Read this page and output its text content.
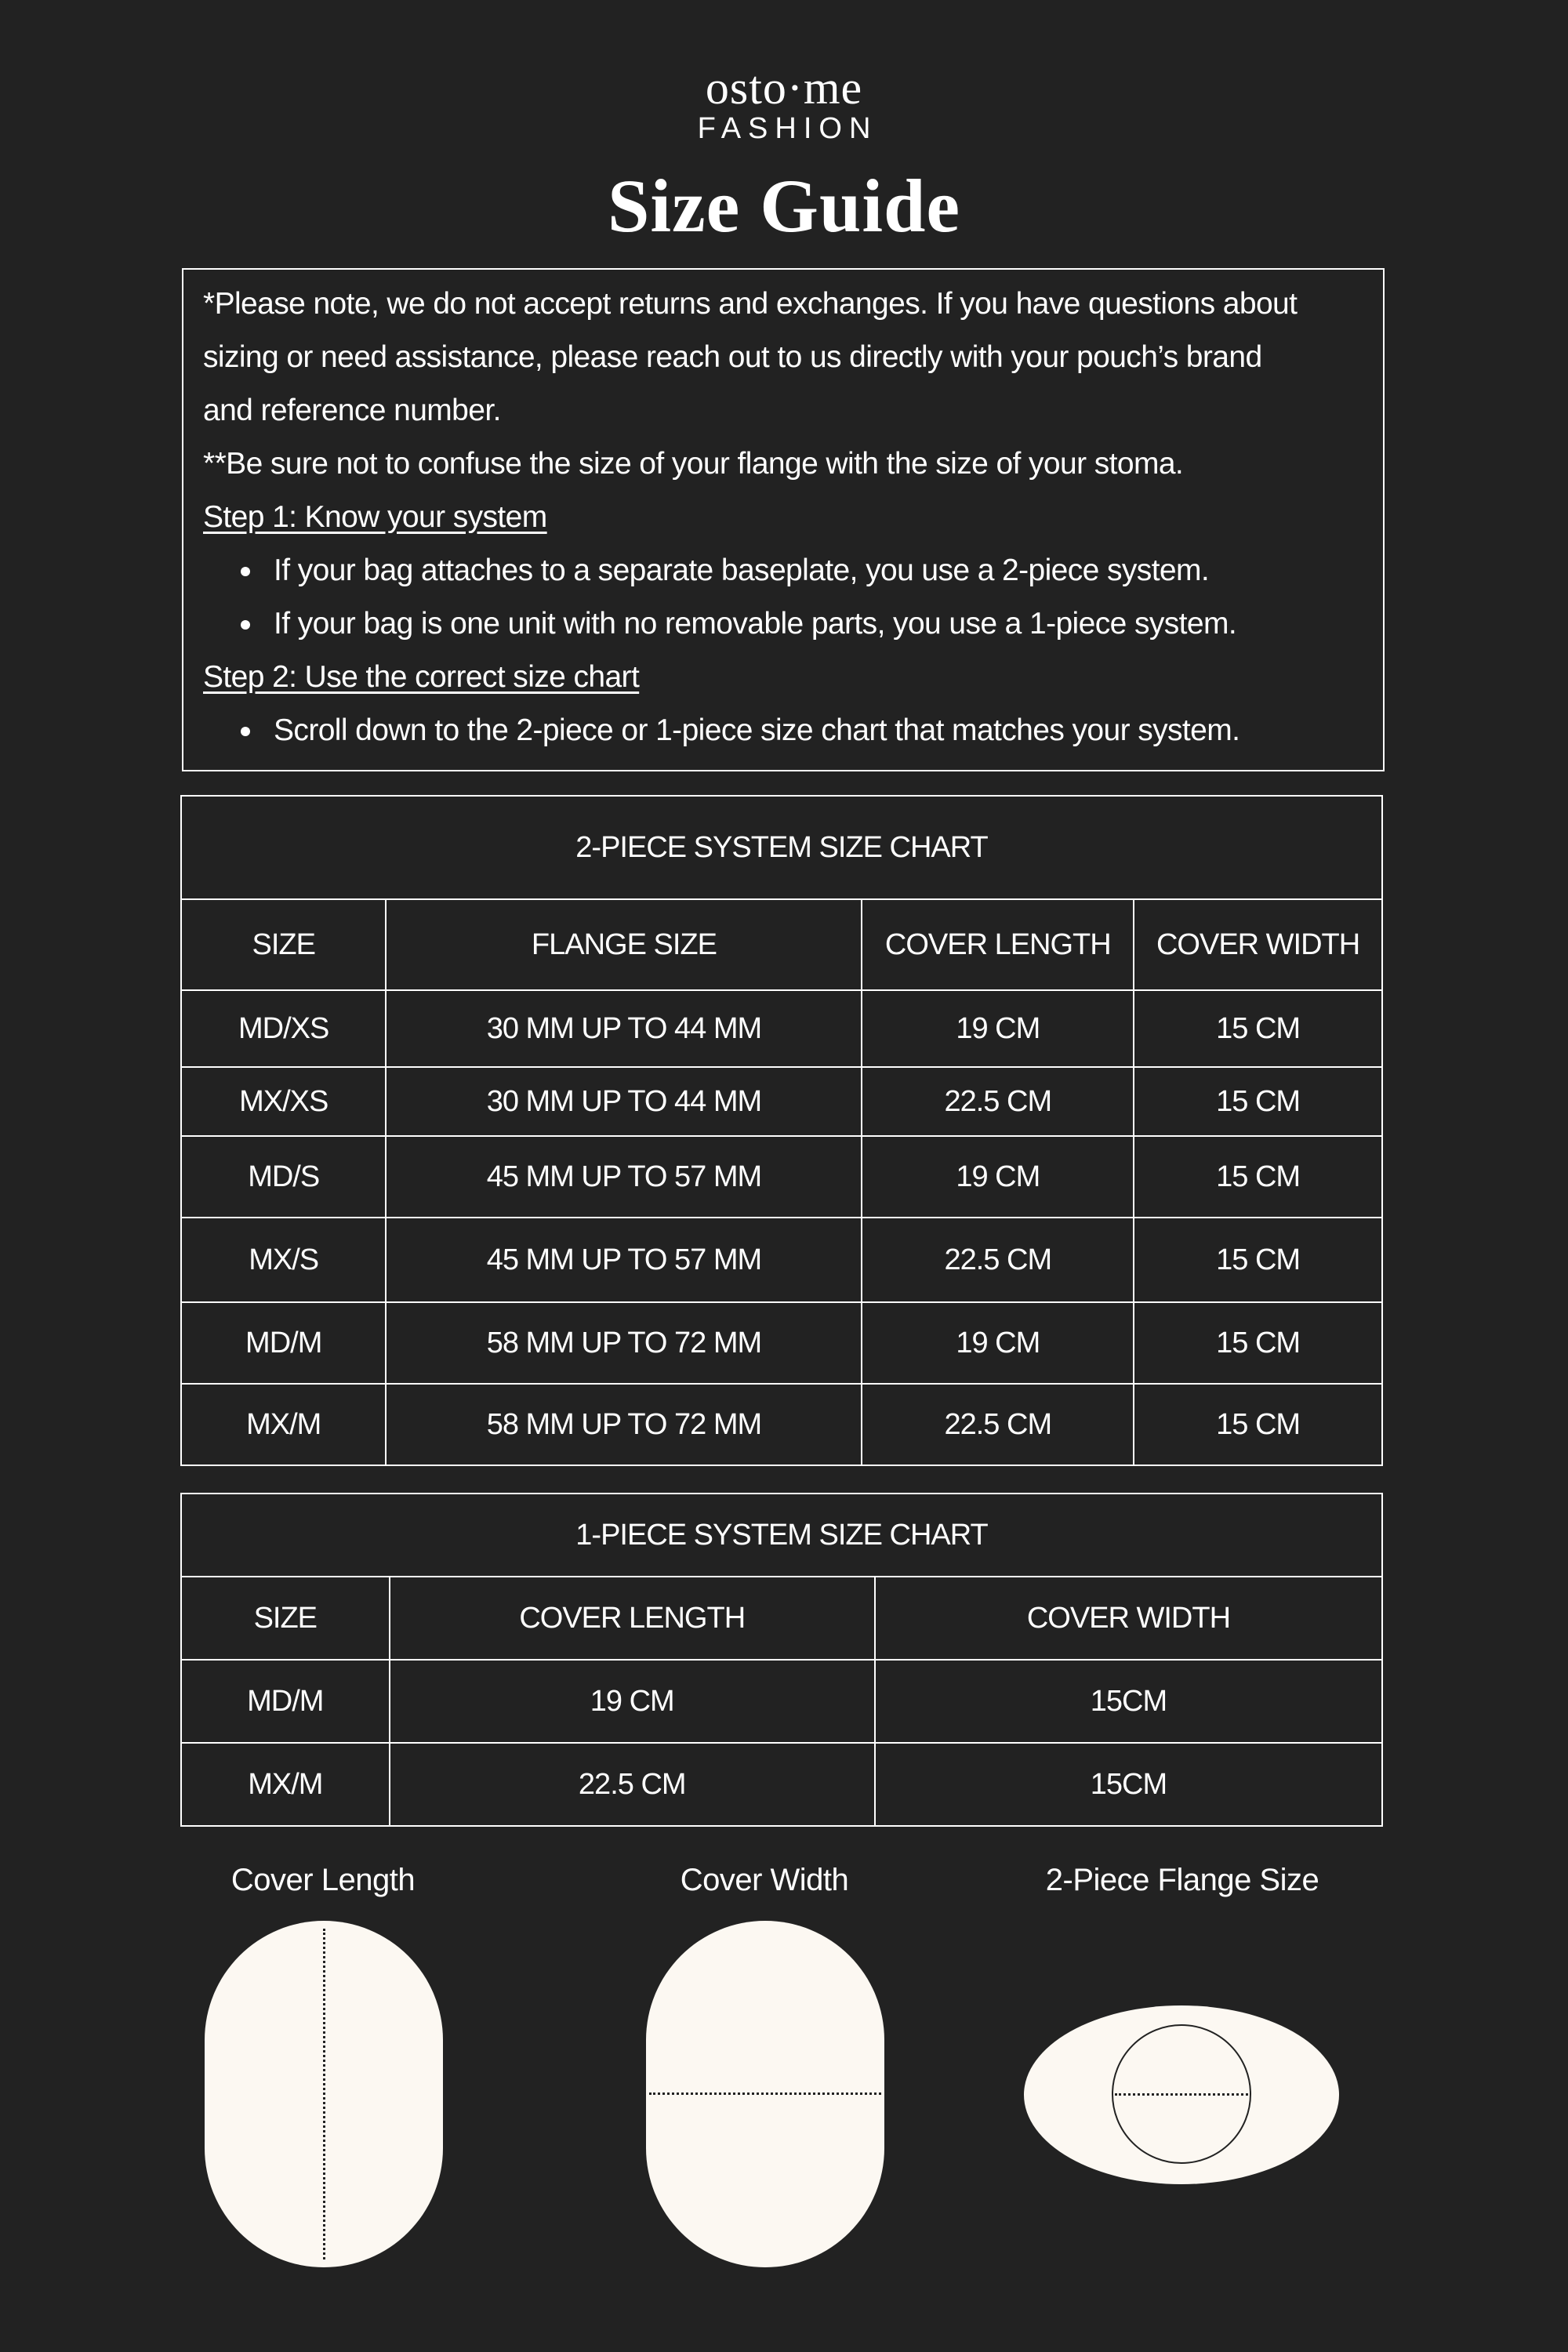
osto·me
FASHION
Size Guide

*Please note, we do not accept returns and exchanges. If you have questions about

sizing or need assistance, please reach out to us directly with your pouch’s brand

and reference number.

**Be sure not to confuse the size of your flange with the size of your stoma.

Step 1: Know your system

If your bag attaches to a separate baseplate, you use a 2-piece system.
If your bag is one unit with no removable parts, you use a 1-piece system.

Step 2: Use the correct size chart

Scroll down to the 2-piece or 1-piece size chart that matches your system.
2-PIECE SYSTEM SIZE CHART			
SIZE	FLANGE SIZE	COVER LENGTH	COVER WIDTH
MD/XS	30 MM UP TO 44 MM	19 CM	15 CM
MX/XS	30 MM UP TO 44 MM	22.5 CM	15 CM
MD/S	45 MM UP TO 57 MM	19 CM	15 CM
MX/S	45 MM UP TO 57 MM	22.5 CM	15 CM
MD/M	58 MM UP TO 72 MM	19 CM	15 CM
MX/M	58 MM UP TO 72 MM	22.5 CM	15 CM
1-PIECE SYSTEM SIZE CHART		
SIZE	COVER LENGTH	COVER WIDTH
MD/M	19 CM	15CM
MX/M	22.5 CM	15CM
Cover Length	Cover Width	2-Piece Flange Size
